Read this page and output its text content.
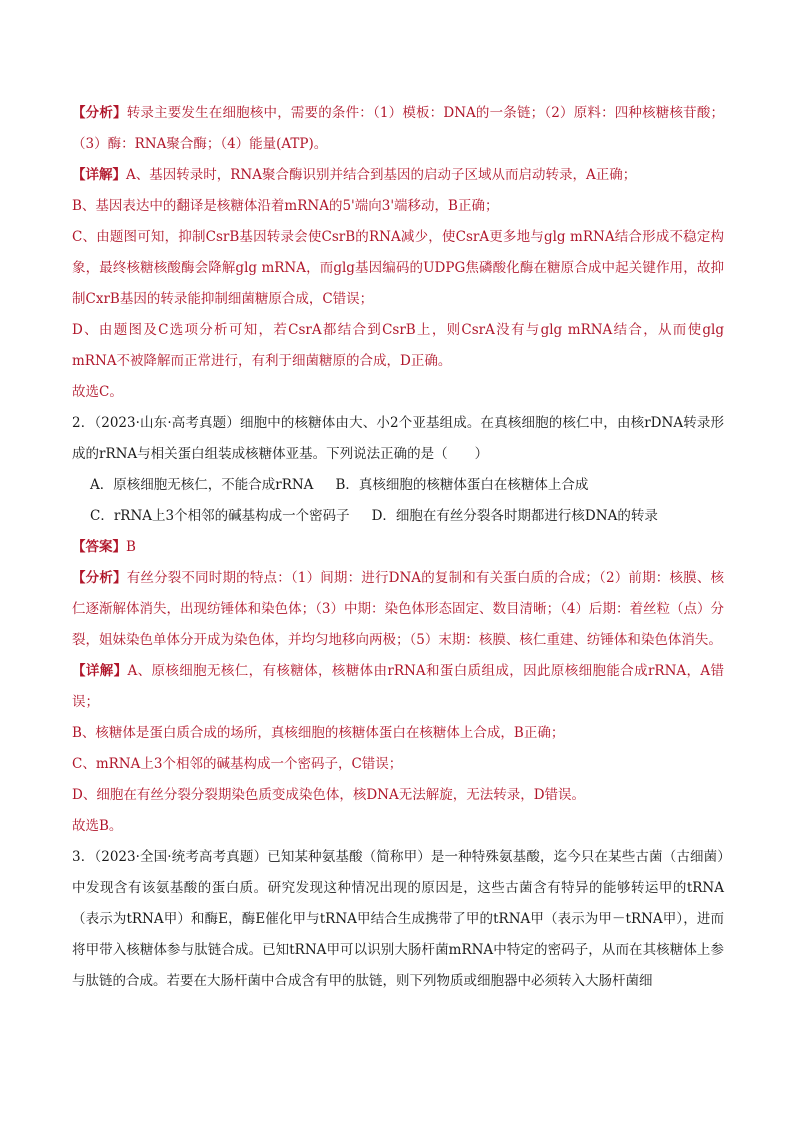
【分析】转录主要发生在细胞核中，需要的条件：（1）模板：DNA的一条链；（2）原料：四种核糖核苷酸；（3）酶：RNA聚合酶；（4）能量(ATP)。

【详解】A、基因转录时，RNA聚合酶识别并结合到基因的启动子区域从而启动转录，A正确；

B、基因表达中的翻译是核糖体沿着mRNA的5'端向3'端移动，B正确；

C、由题图可知，抑制CsrB基因转录会使CsrB的RNA减少，使CsrA更多地与glg mRNA结合形成不稳定构象，最终核糖核酸酶会降解glg mRNA，而glg基因编码的UDPG焦磷酸化酶在糖原合成中起关键作用，故抑制CxrB基因的转录能抑制细菌糖原合成，C错误；

D、由题图及C选项分析可知，若CsrA都结合到CsrB上，则CsrA没有与glg mRNA结合，从而使glg mRNA不被降解而正常进行，有利于细菌糖原的合成，D正确。

故选C。

2．（2023·山东·高考真题）细胞中的核糖体由大、小2个亚基组成。在真核细胞的核仁中，由核rDNA转录形成的rRNA与相关蛋白组装成核糖体亚基。下列说法正确的是（　　）

A．原核细胞无核仁，不能合成rRNA B．真核细胞的核糖体蛋白在核糖体上合成

C．rRNA上3个相邻的碱基构成一个密码子 D．细胞在有丝分裂各时期都进行核DNA的转录

【答案】B

【分析】有丝分裂不同时期的特点：（1）间期：进行DNA的复制和有关蛋白质的合成；（2）前期：核膜、核仁逐渐解体消失，出现纺锤体和染色体；（3）中期：染色体形态固定、数目清晰；（4）后期：着丝粒（点）分裂，姐妹染色单体分开成为染色体，并均匀地移向两极；（5）末期：核膜、核仁重建、纺锤体和染色体消失。

【详解】A、原核细胞无核仁，有核糖体，核糖体由rRNA和蛋白质组成，因此原核细胞能合成rRNA，A错误；

B、核糖体是蛋白质合成的场所，真核细胞的核糖体蛋白在核糖体上合成，B正确；

C、mRNA上3个相邻的碱基构成一个密码子，C错误；

D、细胞在有丝分裂分裂期染色质变成染色体，核DNA无法解旋，无法转录，D错误。

故选B。

3．（2023·全国·统考高考真题）已知某种氨基酸（简称甲）是一种特殊氨基酸，迄今只在某些古菌（古细菌）中发现含有该氨基酸的蛋白质。研究发现这种情况出现的原因是，这些古菌含有特异的能够转运甲的tRNA（表示为tRNA甲）和酶E，酶E催化甲与tRNA甲结合生成携带了甲的tRNA甲（表示为甲－tRNA甲），进而将甲带入核糖体参与肽链合成。已知tRNA甲可以识别大肠杆菌mRNA中特定的密码子，从而在其核糖体上参与肽链的合成。若要在大肠杆菌中合成含有甲的肽链，则下列物质或细胞器中必须转入大肠杆菌细
